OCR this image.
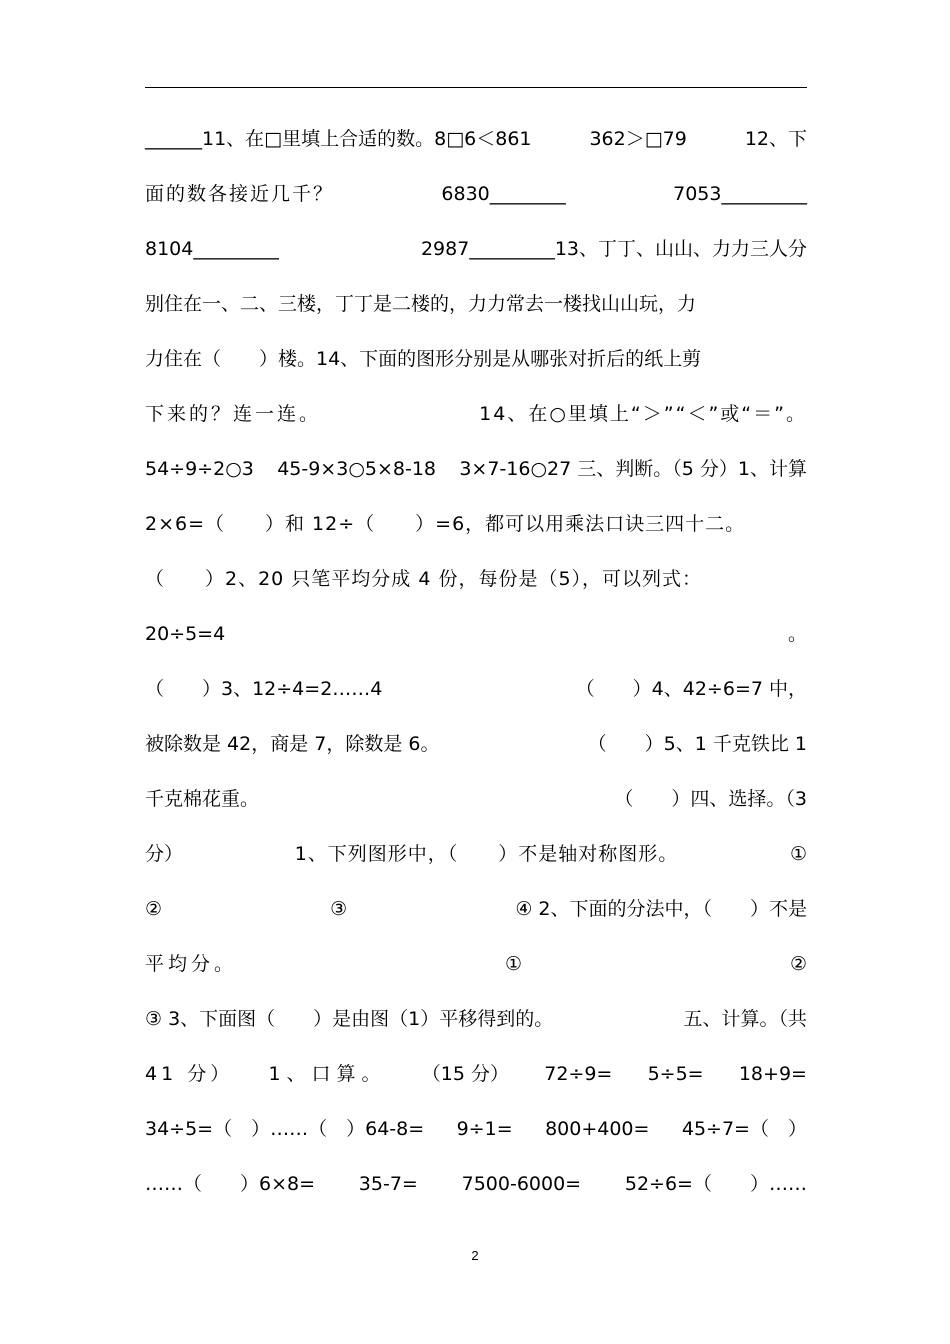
______11、在□里填上合适的数。8□6＜861	362＞□79	12、下
面的数各接近几千？	6830________	7053_________
8104_________	2987_________13、丁丁、山山、力力三人分
别住在一、二、三楼，丁丁是二楼的，力力常去一楼找山山玩，力
力住在（　　）楼。14、下面的图形分别是从哪张对折后的纸上剪
下来的？连一连。	14、在○里填上“＞”“＜”或“＝”。
54÷9÷2○3 45-9×3○5×8-18 3×7-16○27 三、判断。（5 分）1、计算
2×6=（　　）和 12÷（　　）=6，都可以用乘法口诀三四十二。
（　　）2、20 只笔平均分成 4 份，每份是（5），可以列式：
20÷5=4	。
（　　）3、12÷4=2……4	（　　）4、42÷6=7 中，
被除数是 42，商是 7，除数是 6。	（　　）5、1 千克铁比 1
千克棉花重。	（　　）四、选择。（3
分）	1、下列图形中，（　　）不是轴对称图形。	①
②	③	④ 2、下面的分法中，（　　）不是
平均分。	①	②
③ 3、下面图（　　）是由图（1）平移得到的。	五、计算。（共
41 分） 1、口算。 （15 分） 72÷9= 5÷5= 18+9=
34÷5=（　）……（　）64-8= 9÷1= 800+400= 45÷7=（　）
……（　　）6×8= 35-7= 7500-6000= 52÷6=（　　）……
2
